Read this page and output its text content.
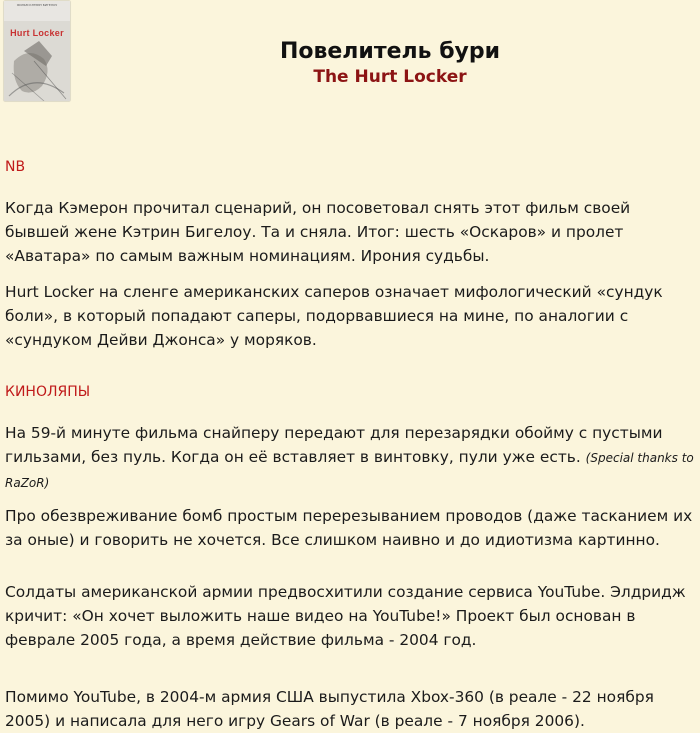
ФИЛЬМ КЭТРИН БИГЕЛОУ
Hurt Locker
Повелитель бури
The Hurt Locker
NB
Когда Кэмерон прочитал сценарий, он посоветовал снять этот фильм своей бывшей жене Кэтрин Бигелоу. Та и сняла. Итог: шесть «Оскаров» и пролет «Аватара» по самым важным номинациям. Ирония судьбы.
Hurt Locker на сленге американских саперов означает мифологический «сундук боли», в который попадают саперы, подорвавшиеся на мине, по аналогии с «сундуком Дейви Джонса» у моряков.
КИНОЛЯПЫ
На 59-й минуте фильма снайперу передают для перезарядки обойму с пустыми гильзами, без пуль. Когда он её вставляет в винтовку, пули уже есть. (Special thanks to RaZoR)
Про обезвреживание бомб простым перерезыванием проводов (даже тасканием их за оные) и говорить не хочется. Все слишком наивно и до идиотизма картинно.
Солдаты американской армии предвосхитили создание сервиса YouTube. Элдридж кричит: «Он хочет выложить наше видео на YouTube!» Проект был основан в феврале 2005 года, а время действие фильма - 2004 год.
Помимо YouTube, в 2004-м армия США выпустила Xbox-360 (в реале - 22 ноября 2005) и написала для него игру Gears of War (в реале - 7 ноября 2006).
